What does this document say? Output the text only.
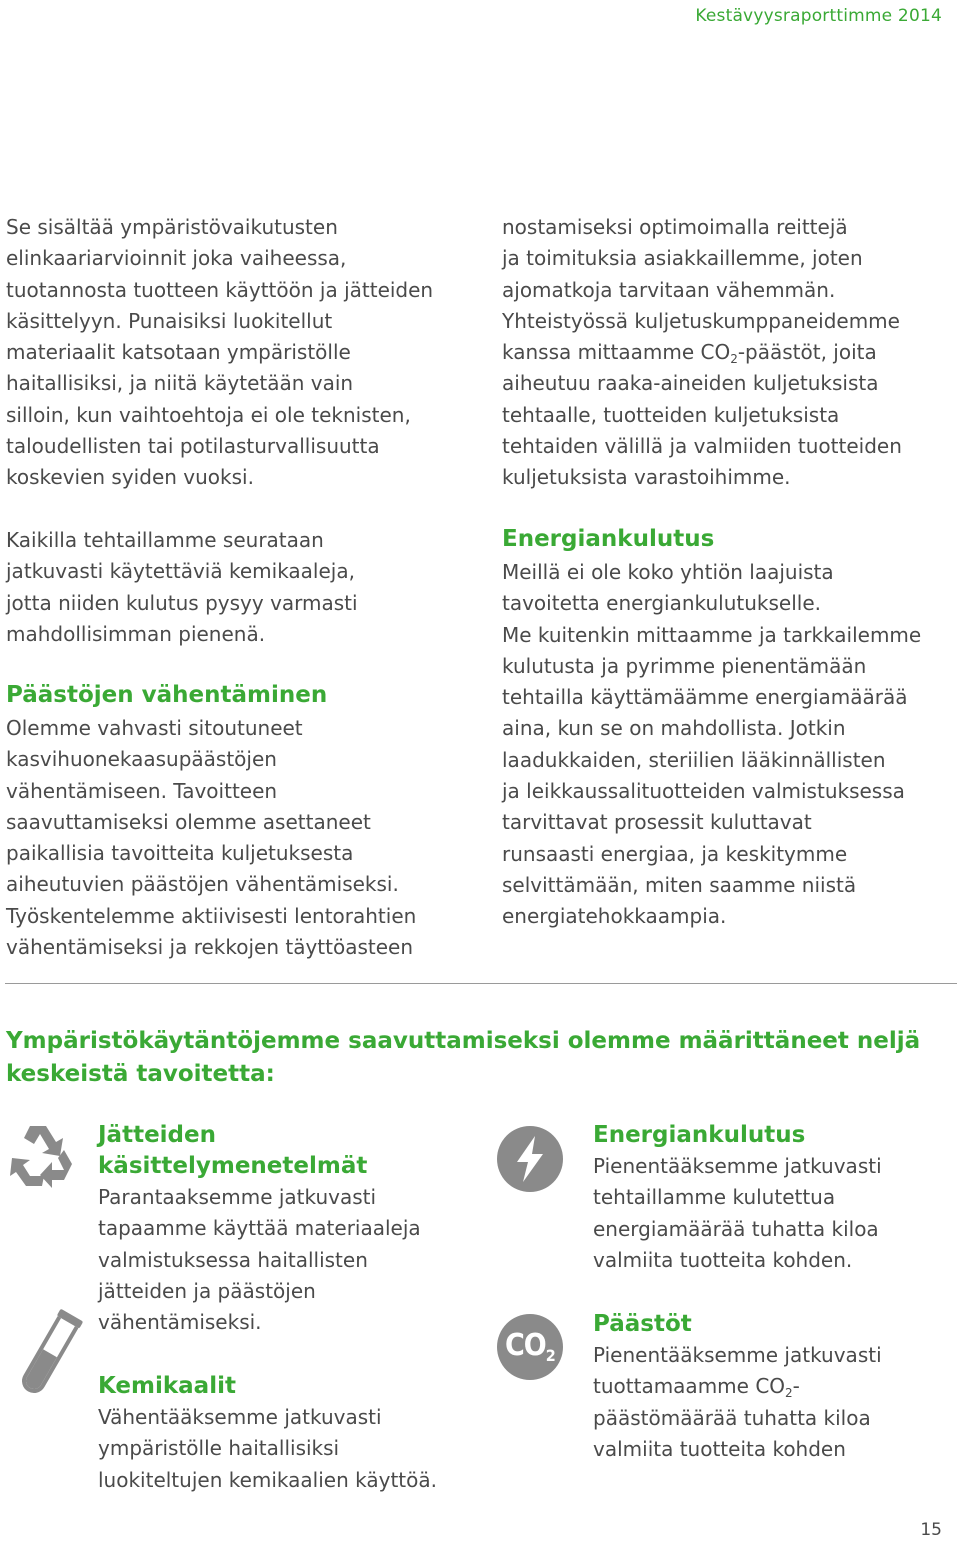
Kestävyysraporttimme 2014
Se sisältää ympäristövaikutusten
elinkaariarvioinnit joka vaiheessa,
tuotannosta tuotteen käyttöön ja jätteiden
käsittelyyn. Punaisiksi luokitellut
materiaalit katsotaan ympäristölle
haitallisiksi, ja niitä käytetään vain
silloin, kun vaihtoehtoja ei ole teknisten,
taloudellisten tai potilasturvallisuutta
koskevien syiden vuoksi.
Kaikilla tehtaillamme seurataan
jatkuvasti käytettäviä kemikaaleja,
jotta niiden kulutus pysyy varmasti
mahdollisimman pienenä.
Päästöjen vähentäminen
Olemme vahvasti sitoutuneet
kasvihuonekaasupäästöjen
vähentämiseen. Tavoitteen
saavuttamiseksi olemme asettaneet
paikallisia tavoitteita kuljetuksesta
aiheutuvien päästöjen vähentämiseksi.
Työskentelemme aktiivisesti lentorahtien
vähentämiseksi ja rekkojen täyttöasteen
nostamiseksi optimoimalla reittejä
ja toimituksia asiakkaillemme, joten
ajomatkoja tarvitaan vähemmän.
Yhteistyössä kuljetuskumppaneidemme
kanssa mittaamme $CO_2$-päästöt, joita
aiheutuu raaka-aineiden kuljetuksista
tehtaalle, tuotteiden kuljetuksista
tehtaiden välillä ja valmiiden tuotteiden
kuljetuksista varastoihimme.
Energiankulutus
Meillä ei ole koko yhtiön laajuista
tavoitetta energiankulutukselle.
Me kuitenkin mittaamme ja tarkkailemme
kulutusta ja pyrimme pienentämään
tehtailla käyttämäämme energiamäärää
aina, kun se on mahdollista. Jotkin
laadukkaiden, steriilien lääkinnällisten
ja leikkaussalituotteiden valmistuksessa
tarvittavat prosessit kuluttavat
runsaasti energiaa, ja keskitymme
selvittämään, miten saamme niistä
energiatehokkaampia.
Ympäristökäytäntöjemme saavuttamiseksi olemme määrittäneet neljä
keskeistä tavoitetta:
$CO_2$
Jätteiden
käsittelymenetelmät
Parantaaksemme jatkuvasti
tapaamme käyttää materiaaleja
valmistuksessa haitallisten
jätteiden ja päästöjen
vähentämiseksi.
Kemikaalit
Vähentääksemme jatkuvasti
ympäristölle haitallisiksi
luokiteltujen kemikaalien käyttöä.
Energiankulutus
Pienentääksemme jatkuvasti
tehtaillamme kulutettua
energiamäärää tuhatta kiloa
valmiita tuotteita kohden.
Päästöt
Pienentääksemme jatkuvasti
tuottamaamme $CO_2-$
päästömäärää tuhatta kiloa
valmiita tuotteita kohden
15
